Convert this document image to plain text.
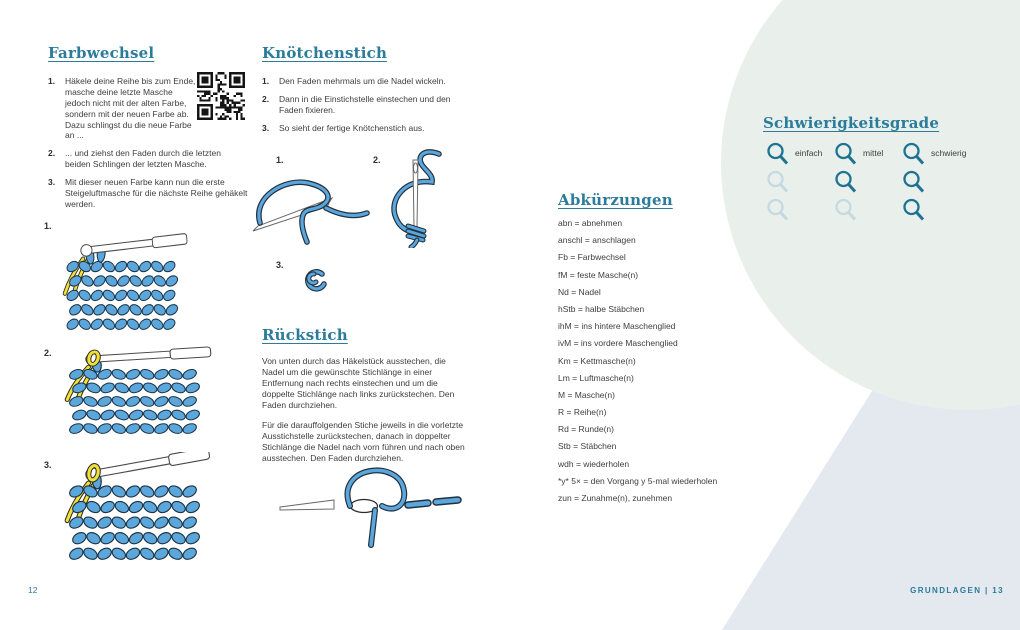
Farbwechsel
1.	Häkele deine Reihe bis zum Ende, masche deine letzte Masche jedoch nicht mit der alten Farbe, sondern mit der neuen Farbe ab. Dazu schlingst du die neue Farbe an ...
2.	... und ziehst den Faden durch die letzten beiden Schlingen der letzten Masche.
3.	Mit dieser neuen Farbe kann nun die erste Steigeluftmasche für die nächste Reihe gehäkelt werden.
1.
2.
3.
Knötchenstich
1.	Den Faden mehrmals um die Nadel wickeln.
2.	Dann in die Einstichstelle einstechen und den Faden fixieren.
3.	So sieht der fertige Knötchenstich aus.
1.	2.
3.
Rückstich

Von unten durch das Häkelstück ausstechen, die Nadel um die gewünschte Stichlänge in einer Entfernung nach rechts einstechen und um die doppelte Stichlänge nach links zurückstechen. Den Faden durchziehen.

Für die darauffolgenden Stiche jeweils in die vorletzte Ausstichstelle zurückstechen, danach in doppelter Stichlänge die Nadel nach vorn führen und nach oben ausstechen. Den Faden durchziehen.

Abkürzungen
abn = abnehmen
anschl = anschlagen
Fb = Farbwechsel
fM = feste Masche(n)
Nd = Nadel
hStb = halbe Stäbchen
ihM = ins hintere Maschenglied
ivM = ins vordere Maschenglied
Km = Kettmasche(n)
Lm = Luftmasche(n)
M = Masche(n)
R = Reihe(n)
Rd = Runde(n)
Stb = Stäbchen
wdh = wiederholen
*y* 5× = den Vorgang y 5-mal wiederholen
zun = Zunahme(n), zunehmen
Schwierigkeitsgrade
einfach	mittel	schwierig
12	GRUNDLAGEN | 13
